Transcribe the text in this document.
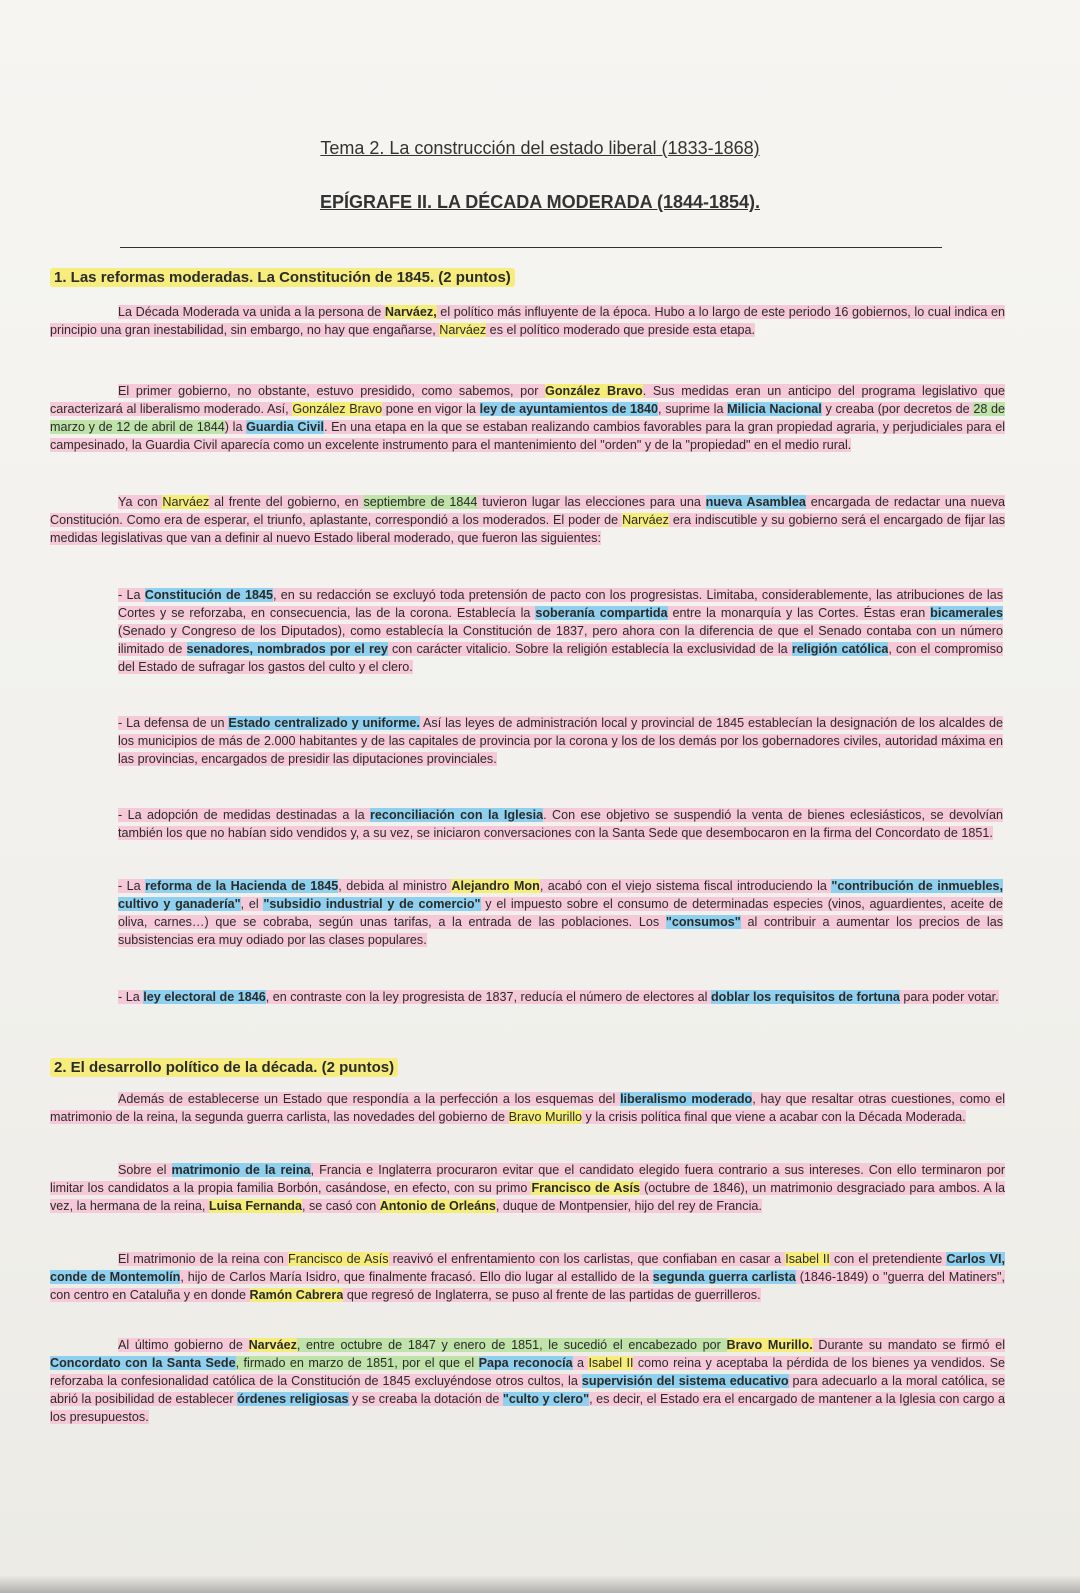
Tema 2. La construcción del estado liberal (1833-1868)
EPÍGRAFE II. LA DÉCADA MODERADA (1844-1854).
1. Las reformas moderadas. La Constitución de 1845. (2 puntos)

La Década Moderada va unida a la persona de Narváez, el político más influyente de la época. Hubo a lo largo de este periodo 16 gobiernos, lo cual indica en principio una gran inestabilidad, sin embargo, no hay que engañarse, Narváez es el político moderado que preside esta etapa.

El primer gobierno, no obstante, estuvo presidido, como sabemos, por González Bravo. Sus medidas eran un anticipo del programa legislativo que caracterizará al liberalismo moderado. Así, González Bravo pone en vigor la ley de ayuntamientos de 1840, suprime la Milicia Nacional y creaba (por decretos de 28 de marzo y de 12 de abril de 1844) la Guardia Civil. En una etapa en la que se estaban realizando cambios favorables para la gran propiedad agraria, y perjudiciales para el campesinado, la Guardia Civil aparecía como un excelente instrumento para el mantenimiento del "orden" y de la "propiedad" en el medio rural.

Ya con Narváez al frente del gobierno, en septiembre de 1844 tuvieron lugar las elecciones para una nueva Asamblea encargada de redactar una nueva Constitución. Como era de esperar, el triunfo, aplastante, correspondió a los moderados. El poder de Narváez era indiscutible y su gobierno será el encargado de fijar las medidas legislativas que van a definir al nuevo Estado liberal moderado, que fueron las siguientes:

- La Constitución de 1845, en su redacción se excluyó toda pretensión de pacto con los progresistas. Limitaba, considerablemente, las atribuciones de las Cortes y se reforzaba, en consecuencia, las de la corona. Establecía la soberanía compartida entre la monarquía y las Cortes. Éstas eran bicamerales (Senado y Congreso de los Diputados), como establecía la Constitución de 1837, pero ahora con la diferencia de que el Senado contaba con un número ilimitado de senadores, nombrados por el rey con carácter vitalicio. Sobre la religión establecía la exclusividad de la religión católica, con el compromiso del Estado de sufragar los gastos del culto y el clero.

- La defensa de un Estado centralizado y uniforme. Así las leyes de administración local y provincial de 1845 establecían la designación de los alcaldes de los municipios de más de 2.000 habitantes y de las capitales de provincia por la corona y los de los demás por los gobernadores civiles, autoridad máxima en las provincias, encargados de presidir las diputaciones provinciales.

- La adopción de medidas destinadas a la reconciliación con la Iglesia. Con ese objetivo se suspendió la venta de bienes eclesiásticos, se devolvían también los que no habían sido vendidos y, a su vez, se iniciaron conversaciones con la Santa Sede que desembocaron en la firma del Concordato de 1851.

- La reforma de la Hacienda de 1845, debida al ministro Alejandro Mon, acabó con el viejo sistema fiscal introduciendo la "contribución de inmuebles, cultivo y ganadería", el "subsidio industrial y de comercio" y el impuesto sobre el consumo de determinadas especies (vinos, aguardientes, aceite de oliva, carnes…) que se cobraba, según unas tarifas, a la entrada de las poblaciones. Los "consumos" al contribuir a aumentar los precios de las subsistencias era muy odiado por las clases populares.

- La ley electoral de 1846, en contraste con la ley progresista de 1837, reducía el número de electores al doblar los requisitos de fortuna para poder votar.

2. El desarrollo político de la década. (2 puntos)

Además de establecerse un Estado que respondía a la perfección a los esquemas del liberalismo moderado, hay que resaltar otras cuestiones, como el matrimonio de la reina, la segunda guerra carlista, las novedades del gobierno de Bravo Murillo y la crisis política final que viene a acabar con la Década Moderada.

Sobre el matrimonio de la reina, Francia e Inglaterra procuraron evitar que el candidato elegido fuera contrario a sus intereses. Con ello terminaron por limitar los candidatos a la propia familia Borbón, casándose, en efecto, con su primo Francisco de Asís (octubre de 1846), un matrimonio desgraciado para ambos. A la vez, la hermana de la reina, Luisa Fernanda, se casó con Antonio de Orleáns, duque de Montpensier, hijo del rey de Francia.

El matrimonio de la reina con Francisco de Asís reavivó el enfrentamiento con los carlistas, que confiaban en casar a Isabel II con el pretendiente Carlos VI, conde de Montemolín, hijo de Carlos María Isidro, que finalmente fracasó. Ello dio lugar al estallido de la segunda guerra carlista (1846-1849) o "guerra del Matiners", con centro en Cataluña y en donde Ramón Cabrera que regresó de Inglaterra, se puso al frente de las partidas de guerrilleros.

Al último gobierno de Narváez, entre octubre de 1847 y enero de 1851, le sucedió el encabezado por Bravo Murillo. Durante su mandato se firmó el Concordato con la Santa Sede, firmado en marzo de 1851, por el que el Papa reconocía a Isabel II como reina y aceptaba la pérdida de los bienes ya vendidos. Se reforzaba la confesionalidad católica de la Constitución de 1845 excluyéndose otros cultos, la supervisión del sistema educativo para adecuarlo a la moral católica, se abrió la posibilidad de establecer órdenes religiosas y se creaba la dotación de "culto y clero", es decir, el Estado era el encargado de mantener a la Iglesia con cargo a los presupuestos.
